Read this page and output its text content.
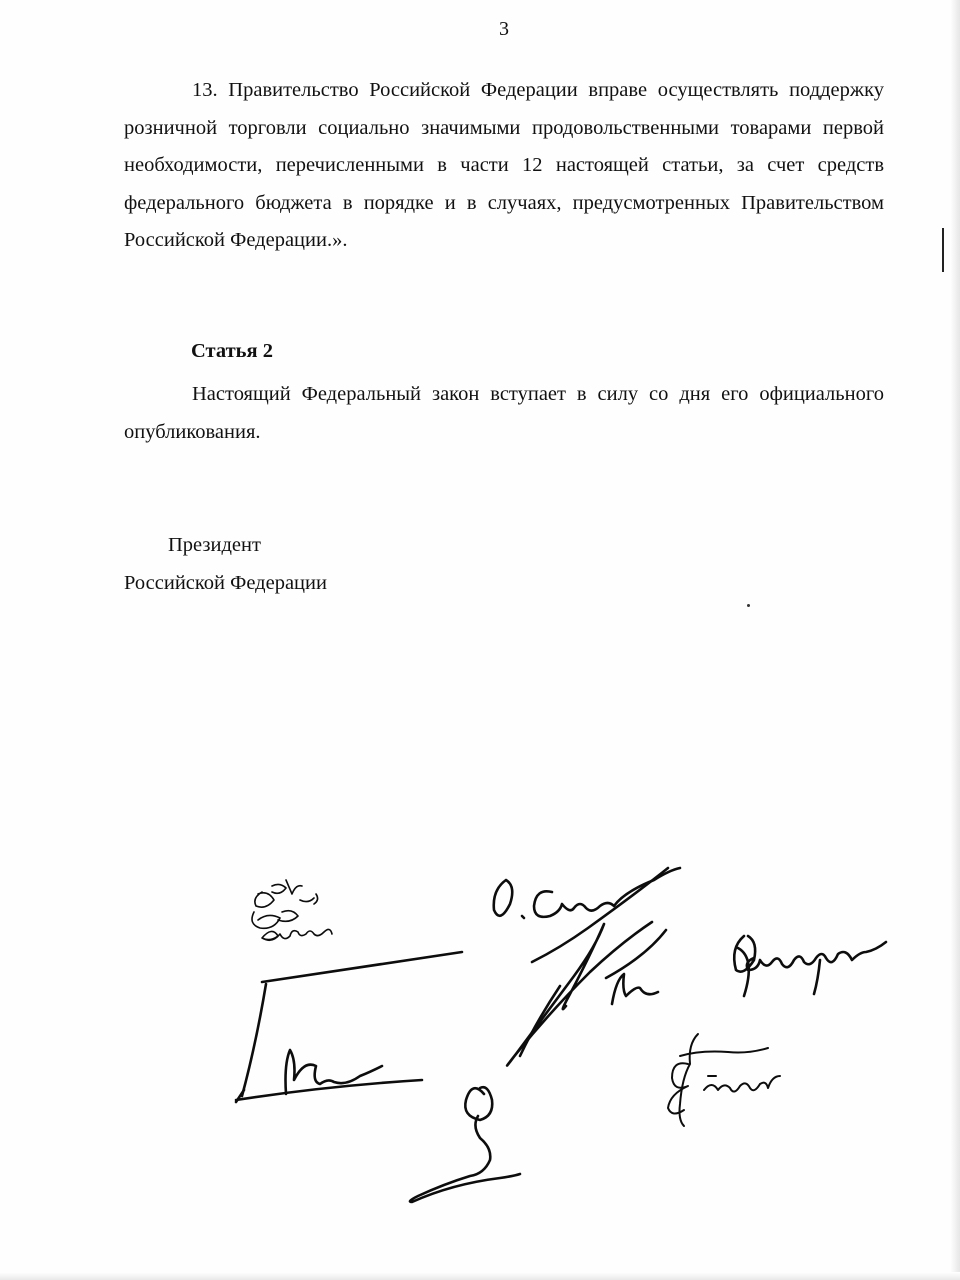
3
13. Правительство Российской Федерации вправе осуществлять поддержку розничной торговли социально значимыми продовольственными товарами первой необходимости, перечисленными в части 12 настоящей статьи, за счет средств федерального бюджета в порядке и в случаях, предусмотренных Правительством Российской Федерации.».
Статья 2
Настоящий Федеральный закон вступает в силу со дня его официального опубликования.
Президент
Российской Федерации
